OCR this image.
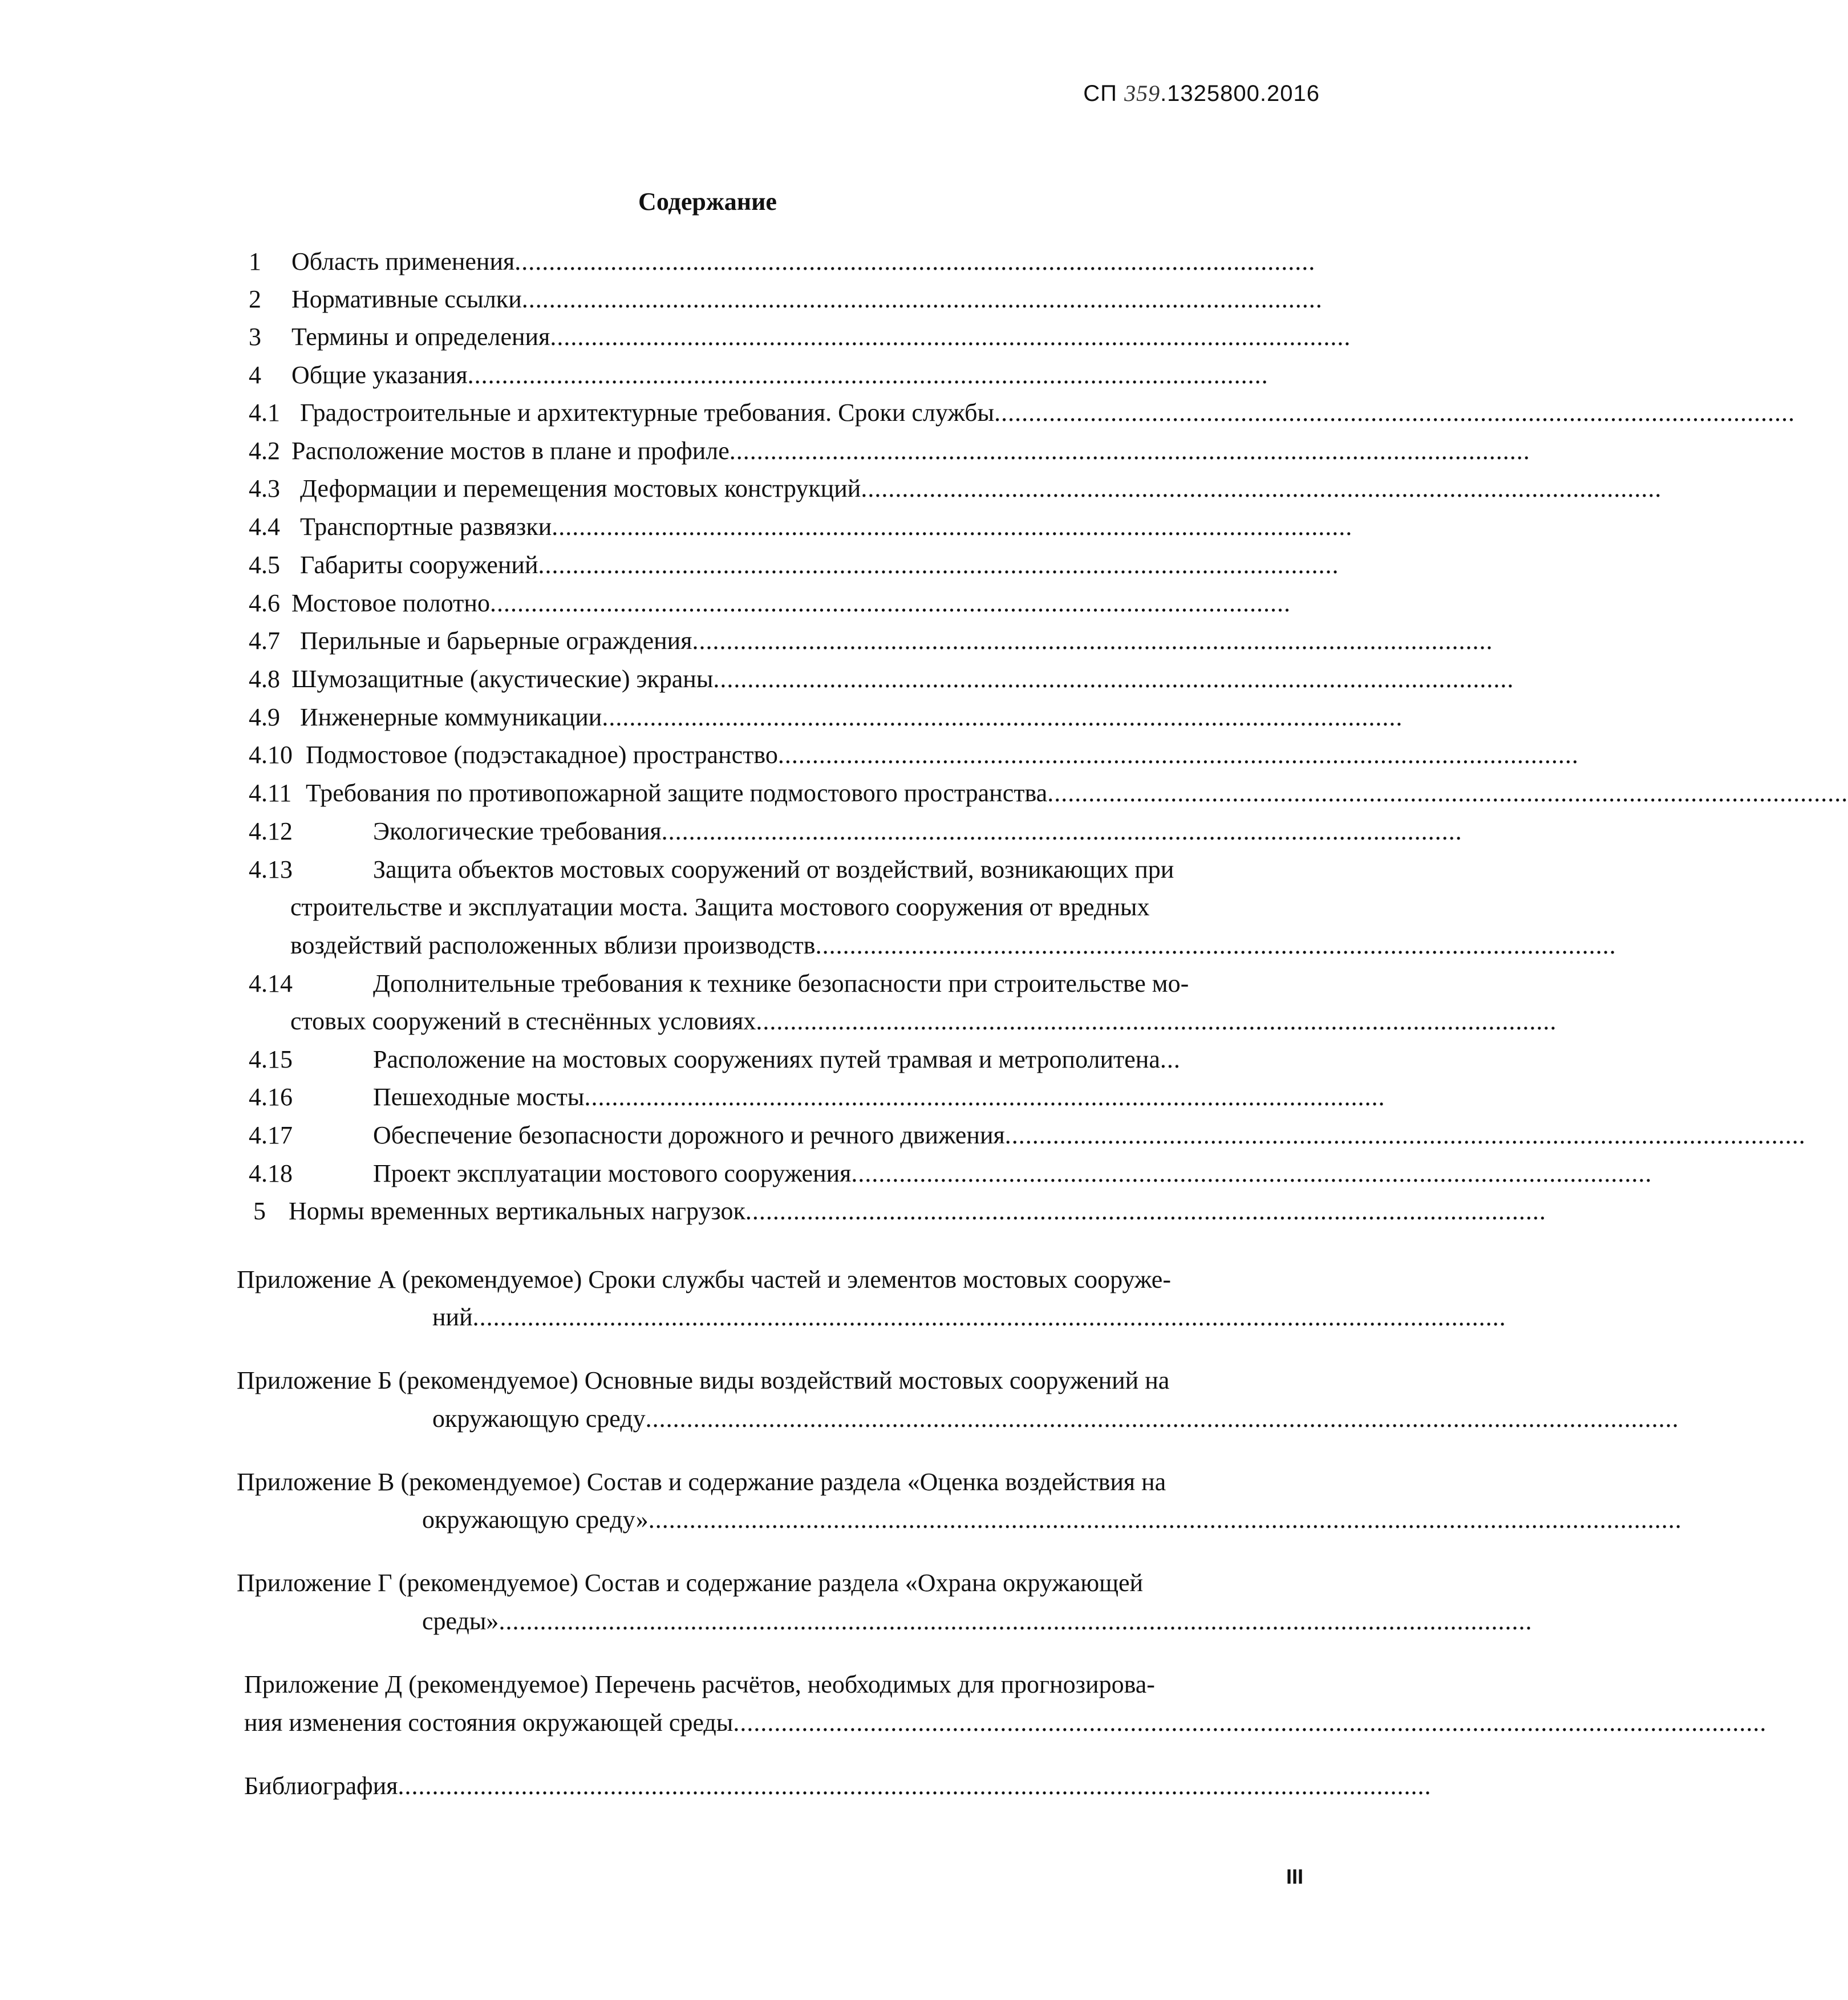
СП 359.1325800.2016
Содержание
1 Область применения.....................................................................................................................
2 Нормативные ссылки.....................................................................................................................
3 Термины и определения.....................................................................................................................
4 Общие указания.....................................................................................................................
4.1 Градостроительные и архитектурные требования. Сроки службы.....................................................................................................................
4.2 Расположение мостов в плане и профиле.....................................................................................................................
4.3 Деформации и перемещения мостовых конструкций.....................................................................................................................
4.4 Транспортные развязки.....................................................................................................................
4.5 Габариты сооружений.....................................................................................................................
4.6 Мостовое полотно.....................................................................................................................
4.7 Перильные и барьерные ограждения.....................................................................................................................
4.8 Шумозащитные (акустические) экраны.....................................................................................................................
4.9 Инженерные коммуникации.....................................................................................................................
4.10 Подмостовое (подэстакадное) пространство.....................................................................................................................
4.11 Требования по противопожарной защите подмостового пространства.....................................................................................................................
4.12	Экологические требования.....................................................................................................................
4.13	Защита объектов мостовых сооружений от воздействий, возникающих при
строительстве и эксплуатации моста. Защита мостового сооружения от вредных
воздействий расположенных вблизи производств.....................................................................................................................
4.14	Дополнительные требования к технике безопасности при строительстве мо-
стовых сооружений в стеснённых условиях.....................................................................................................................
4.15	Расположение на мостовых сооружениях путей трамвая и метрополитена...
4.16	Пешеходные мосты.....................................................................................................................
4.17	Обеспечение безопасности дорожного и речного движения.....................................................................................................................
4.18	Проект эксплуатации мостового сооружения.....................................................................................................................
5 Нормы временных вертикальных нагрузок.....................................................................................................................
Приложение А (рекомендуемое) Сроки службы частей и элементов мостовых сооруже-
ний.......................................................................................................................................................
Приложение Б (рекомендуемое) Основные виды воздействий мостовых сооружений на
окружающую среду.......................................................................................................................................................
Приложение В (рекомендуемое) Состав и содержание раздела «Оценка воздействия на
окружающую среду».......................................................................................................................................................
Приложение Г (рекомендуемое) Состав и содержание раздела «Охрана окружающей
среды».......................................................................................................................................................
Приложение Д (рекомендуемое) Перечень расчётов, необходимых для прогнозирова-
ния изменения состояния окружающей среды.......................................................................................................................................................
Библиография.......................................................................................................................................................
III
